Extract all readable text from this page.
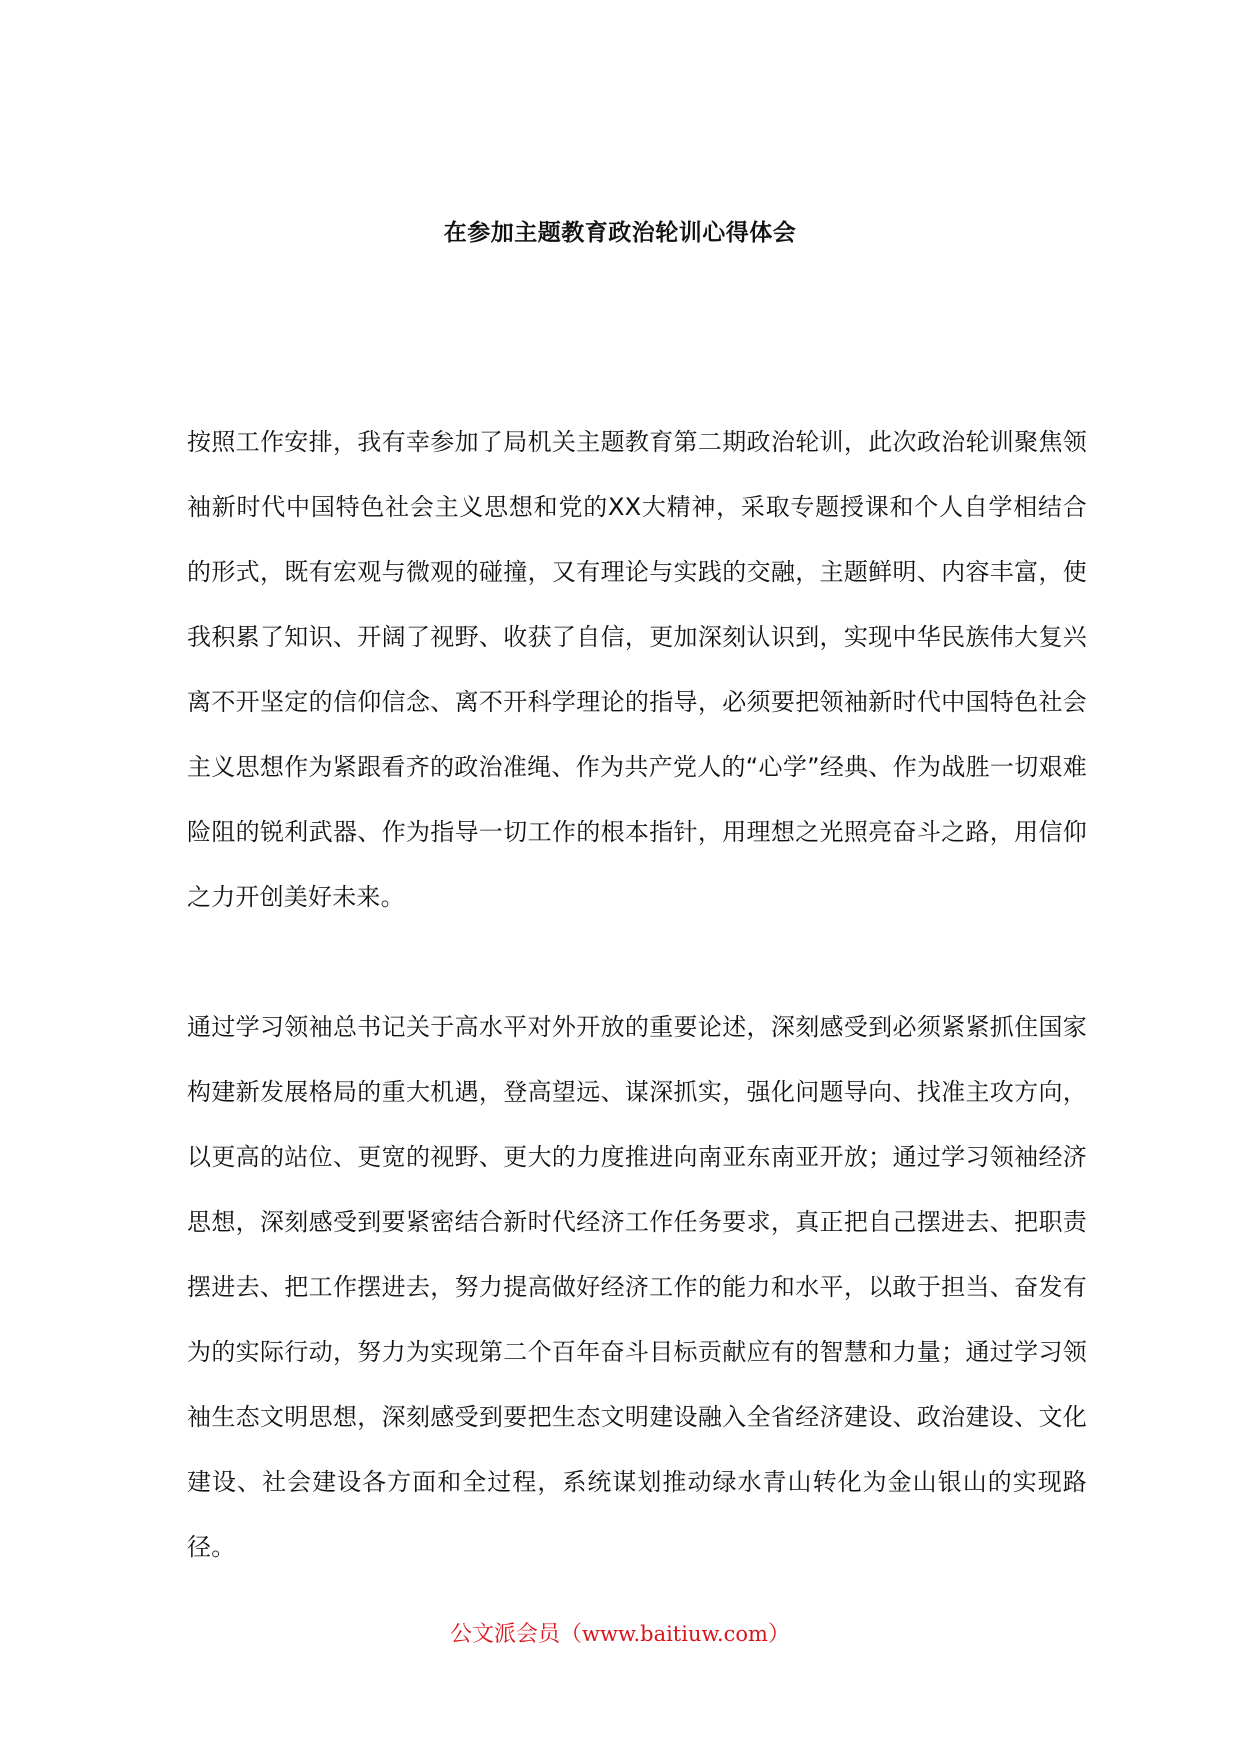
在参加主题教育政治轮训心得体会

按照工作安排，我有幸参加了局机关主题教育第二期政治轮训，此次政治轮训聚焦领袖新时代中国特色社会主义思想和党的XX大精神，采取专题授课和个人自学相结合的形式，既有宏观与微观的碰撞，又有理论与实践的交融，主题鲜明、内容丰富，使我积累了知识、开阔了视野、收获了自信，更加深刻认识到，实现中华民族伟大复兴离不开坚定的信仰信念、离不开科学理论的指导，必须要把领袖新时代中国特色社会主义思想作为紧跟看齐的政治准绳、作为共产党人的“心学”经典、作为战胜一切艰难险阻的锐利武器、作为指导一切工作的根本指针，用理想之光照亮奋斗之路，用信仰之力开创美好未来。

通过学习领袖总书记关于高水平对外开放的重要论述，深刻感受到必须紧紧抓住国家构建新发展格局的重大机遇，登高望远、谋深抓实，强化问题导向、找准主攻方向，以更高的站位、更宽的视野、更大的力度推进向南亚东南亚开放；通过学习领袖经济思想，深刻感受到要紧密结合新时代经济工作任务要求，真正把自己摆进去、把职责摆进去、把工作摆进去，努力提高做好经济工作的能力和水平，以敢于担当、奋发有为的实际行动，努力为实现第二个百年奋斗目标贡献应有的智慧和力量；通过学习领袖生态文明思想，深刻感受到要把生态文明建设融入全省经济建设、政治建设、文化建设、社会建设各方面和全过程，系统谋划推动绿水青山转化为金山银山的实现路径。

公文派会员（www.baitiuw.com）
